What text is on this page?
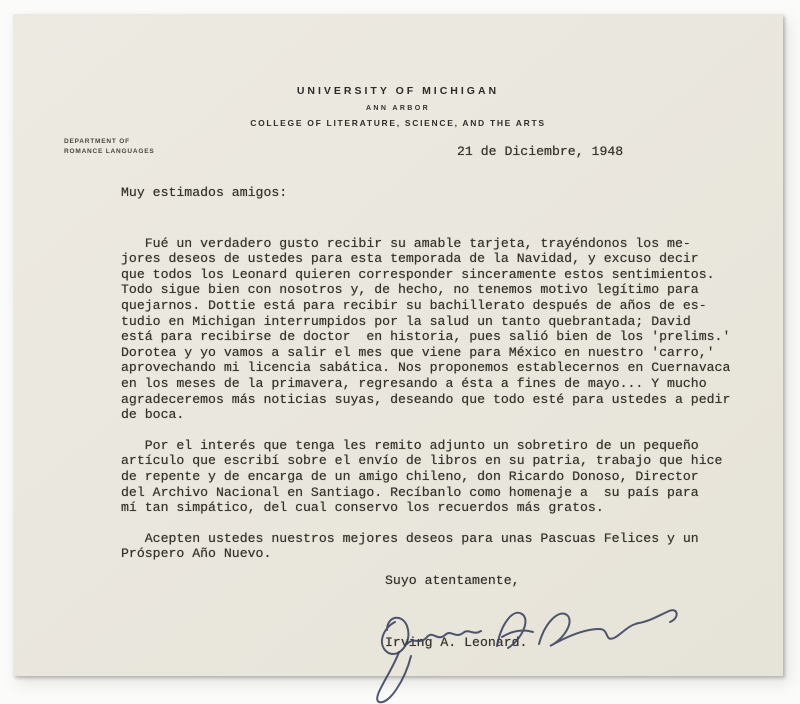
UNIVERSITY OF MICHIGAN
ANN ARBOR
COLLEGE OF LITERATURE, SCIENCE, AND THE ARTS
DEPARTMENT OF
ROMANCE LANGUAGES	21 de Diciembre, 1948
Muy estimados amigos:
Fué un verdadero gusto recibir su amable tarjeta, trayéndonos los me-
jores deseos de ustedes para esta temporada de la Navidad, y excuso decir
que todos los Leonard quieren corresponder sinceramente estos sentimientos.
Todo sigue bien con nosotros y, de hecho, no tenemos motivo legítimo para
quejarnos. Dottie está para recibir su bachillerato después de años de es-
tudio en Michigan interrumpidos por la salud un tanto quebrantada; David
está para recibirse de doctor  en historia, pues salió bien de los 'prelims.'
Dorotea y yo vamos a salir el mes que viene para México en nuestro 'carro,'
aprovechando mi licencia sabática. Nos proponemos establecernos en Cuernavaca
en los meses de la primavera, regresando a ésta a fines de mayo... Y mucho
agradeceremos más noticias suyas, deseando que todo esté para ustedes a pedir
de boca.
Por el interés que tenga les remito adjunto un sobretiro de un pequeño
artículo que escribí sobre el envío de libros en su patria, trabajo que hice
de repente y de encarga de un amigo chileno, don Ricardo Donoso, Director
del Archivo Nacional en Santiago. Recíbanlo como homenaje a  su país para
mí tan simpático, del cual conservo los recuerdos más gratos.
Acepten ustedes nuestros mejores deseos para unas Pascuas Felices y un
Próspero Año Nuevo.
Suyo atentamente,
Irving A. Leonard.
